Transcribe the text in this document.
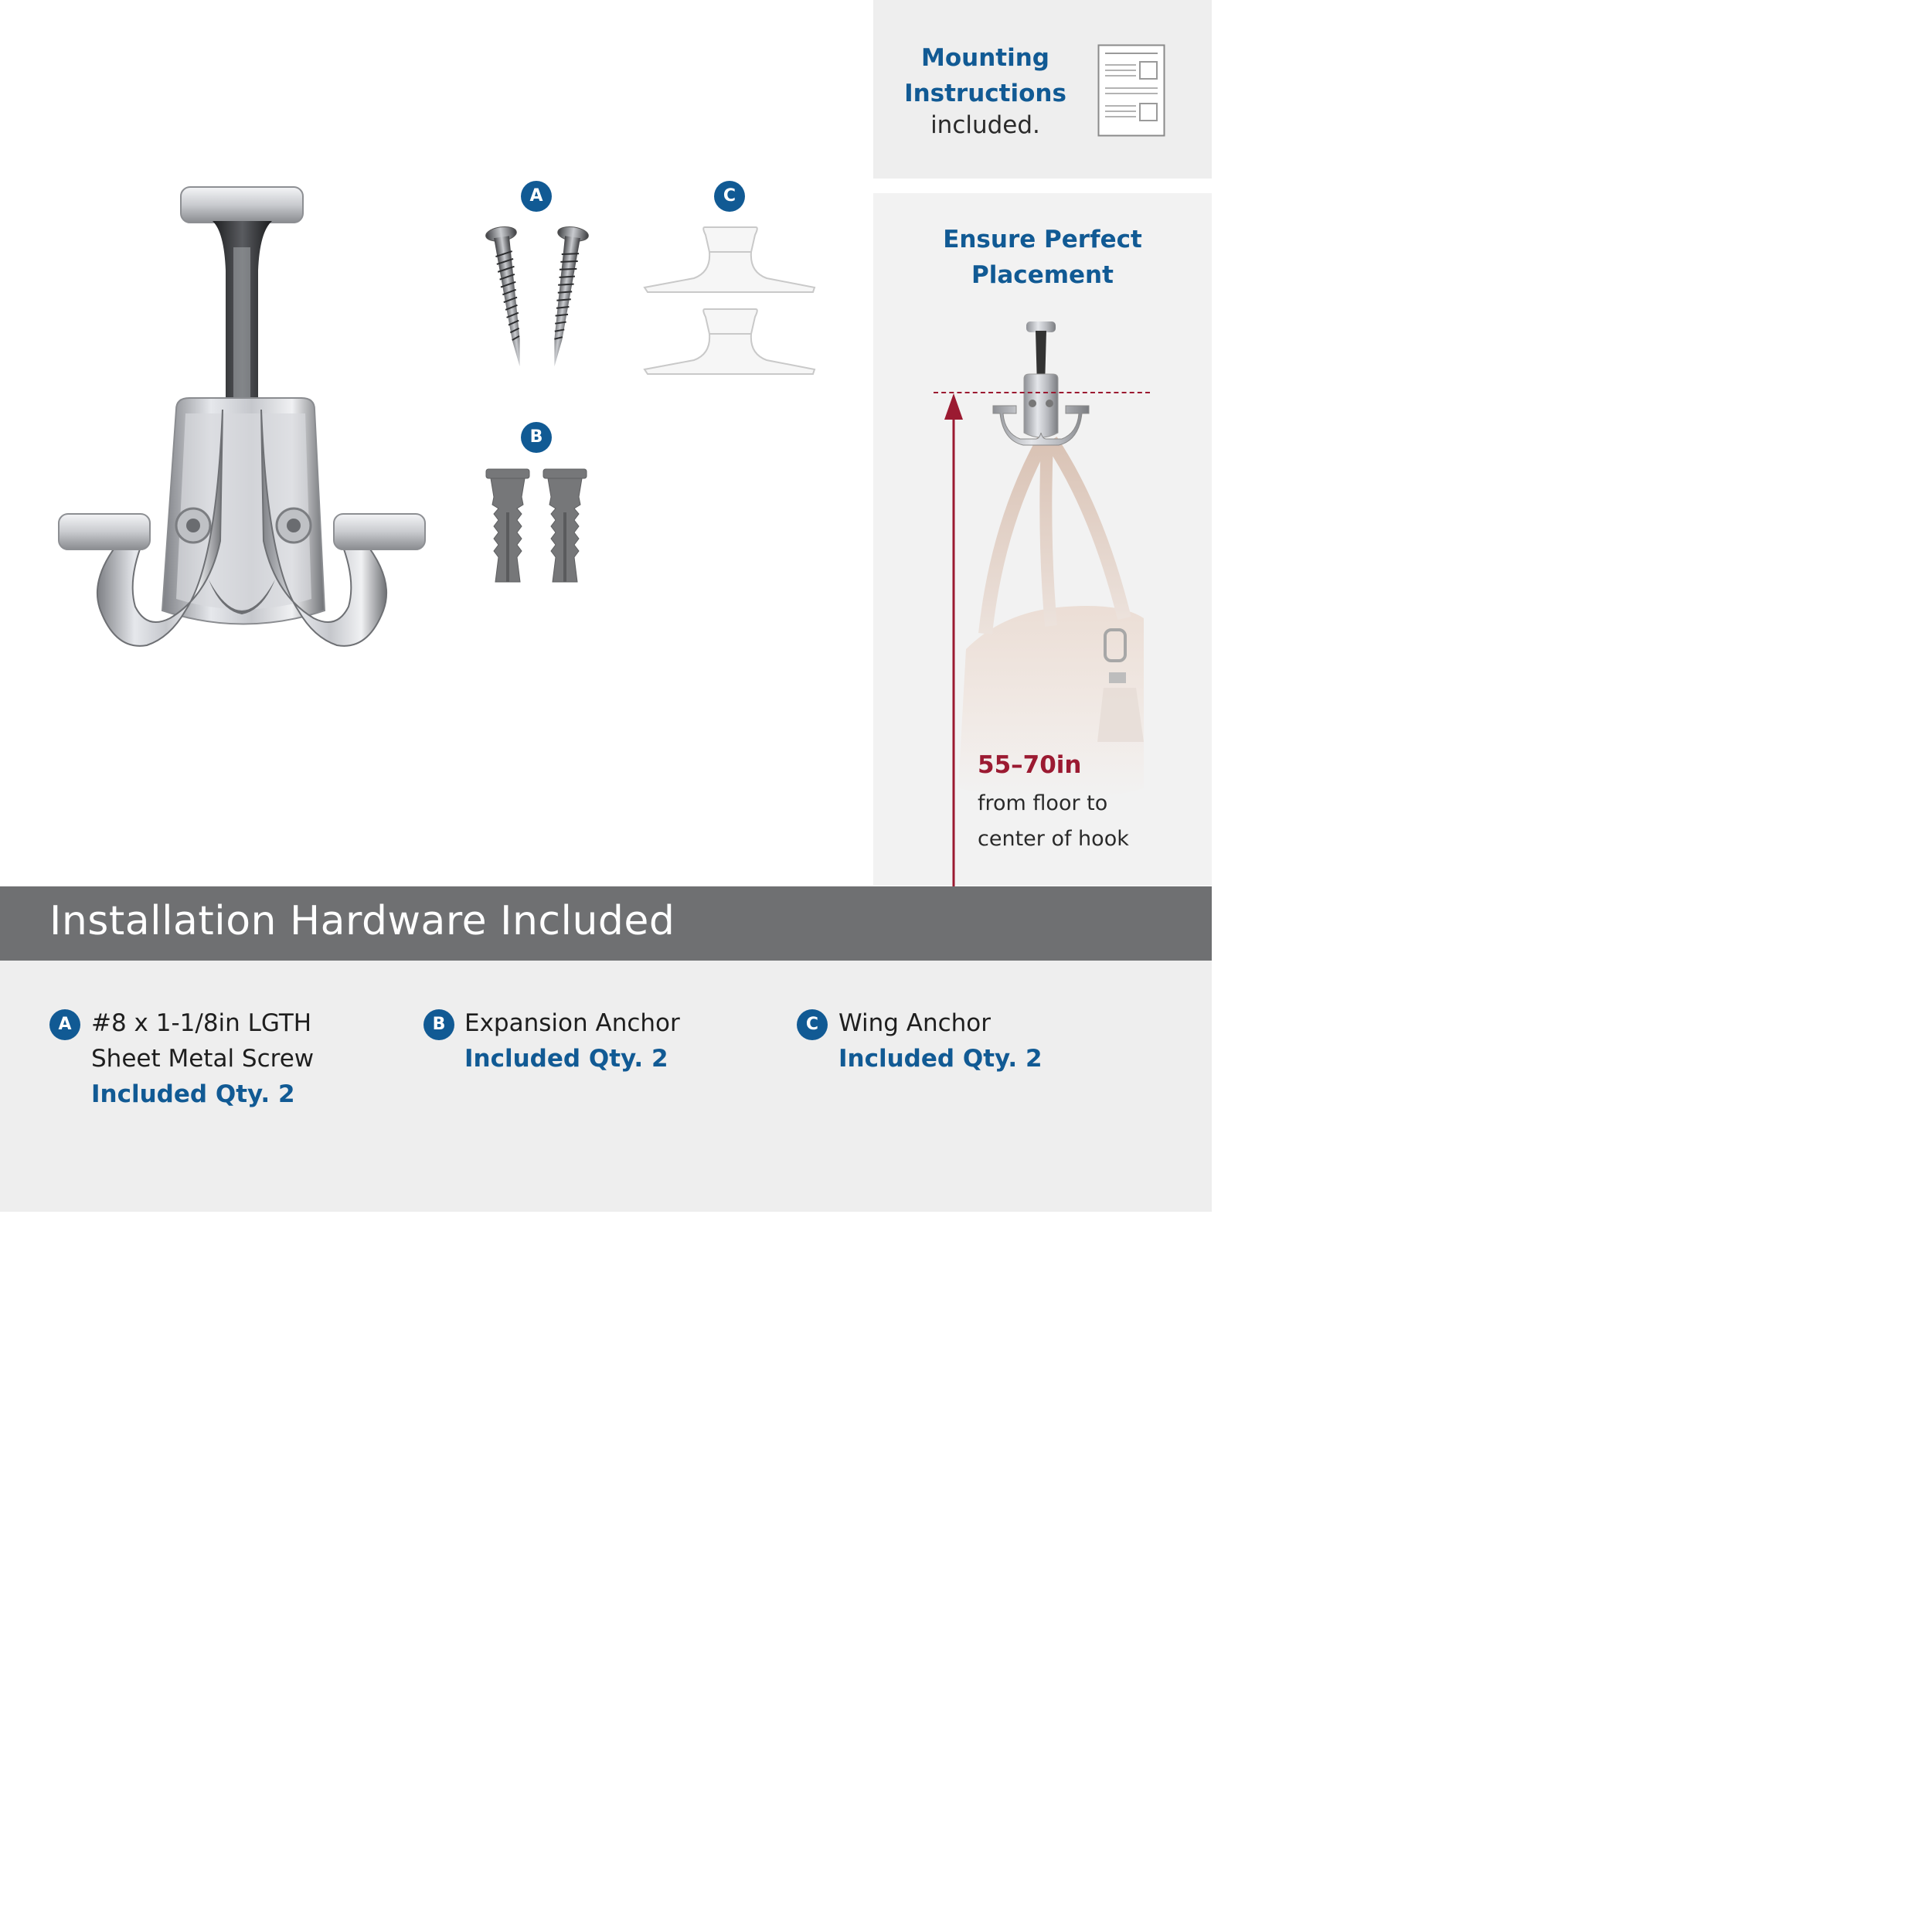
Mounting
Instructions
included.
Ensure Perfect
Placement
55–70in
from floor to
center of hook
A	C
B
Installation Hardware Included
A #8 x 1-1/8in LGTH
Sheet Metal Screw
Included Qty. 2
B Expansion Anchor
Included Qty. 2
C Wing Anchor
Included Qty. 2
